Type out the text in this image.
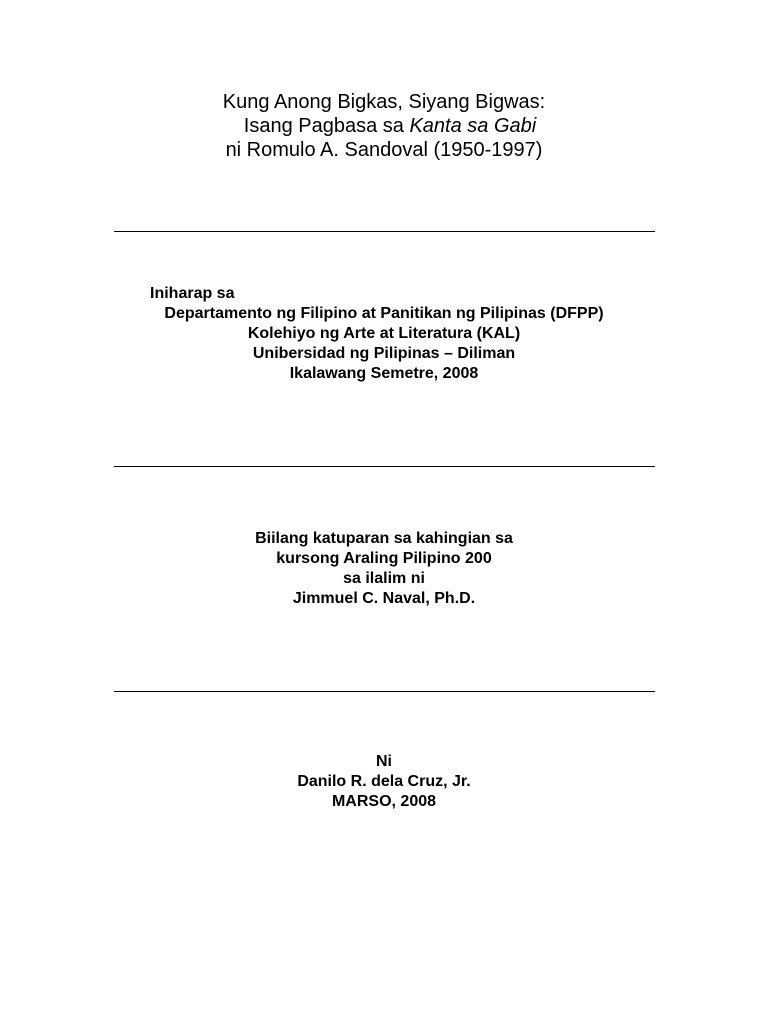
Kung Anong Bigkas, Siyang Bigwas:
Isang Pagbasa sa Kanta sa Gabi
ni Romulo A. Sandoval (1950-1997)
Iniharap sa
Departamento ng Filipino at Panitikan ng Pilipinas (DFPP)
Kolehiyo ng Arte at Literatura (KAL)
Unibersidad ng Pilipinas – Diliman
Ikalawang Semetre, 2008
Biilang katuparan sa kahingian sa
kursong Araling Pilipino 200
sa ilalim ni
Jimmuel C. Naval, Ph.D.
Ni
Danilo R. dela Cruz, Jr.
MARSO, 2008
